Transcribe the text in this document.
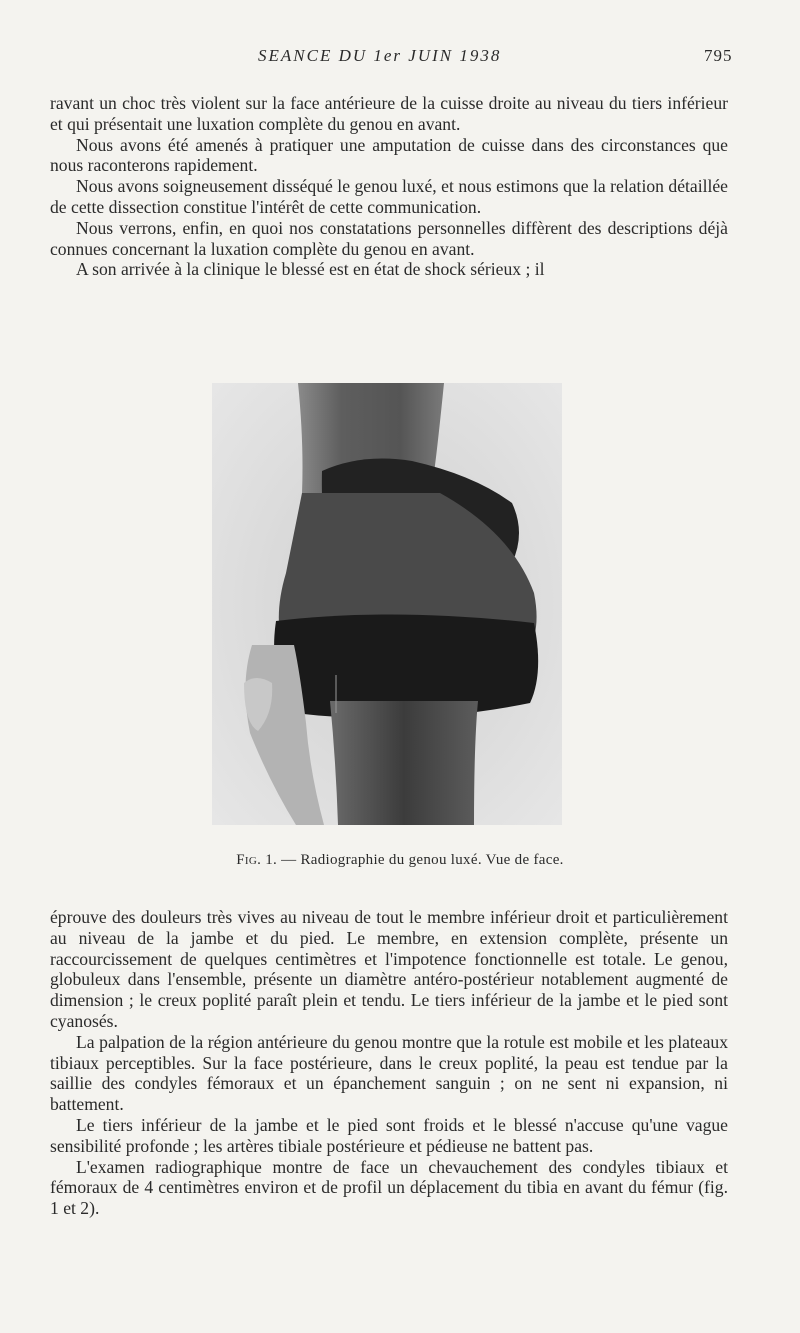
SEANCE DU 1er JUIN 1938	795

ravant un choc très violent sur la face antérieure de la cuisse droite au niveau du tiers inférieur et qui présentait une luxation complète du genou en avant.

Nous avons été amenés à pratiquer une amputation de cuisse dans des circonstances que nous raconterons rapidement.

Nous avons soigneusement disséqué le genou luxé, et nous estimons que la relation détaillée de cette dissection constitue l'intérêt de cette communication.

Nous verrons, enfin, en quoi nos constatations personnelles diffèrent des descriptions déjà connues concernant la luxation complète du genou en avant.

A son arrivée à la clinique le blessé est en état de shock sérieux ; il

Fig. 1. — Radiographie du genou luxé. Vue de face.

éprouve des douleurs très vives au niveau de tout le membre inférieur droit et particulièrement au niveau de la jambe et du pied. Le membre, en extension complète, présente un raccourcissement de quelques centimètres et l'impotence fonctionnelle est totale. Le genou, globuleux dans l'ensemble, présente un diamètre antéro-postérieur notablement augmenté de dimension ; le creux poplité paraît plein et tendu. Le tiers inférieur de la jambe et le pied sont cyanosés.

La palpation de la région antérieure du genou montre que la rotule est mobile et les plateaux tibiaux perceptibles. Sur la face postérieure, dans le creux poplité, la peau est tendue par la saillie des condyles fémoraux et un épanchement sanguin ; on ne sent ni expansion, ni battement.

Le tiers inférieur de la jambe et le pied sont froids et le blessé n'accuse qu'une vague sensibilité profonde ; les artères tibiale postérieure et pédieuse ne battent pas.

L'examen radiographique montre de face un chevauchement des condyles tibiaux et fémoraux de 4 centimètres environ et de profil un déplacement du tibia en avant du fémur (fig. 1 et 2).
